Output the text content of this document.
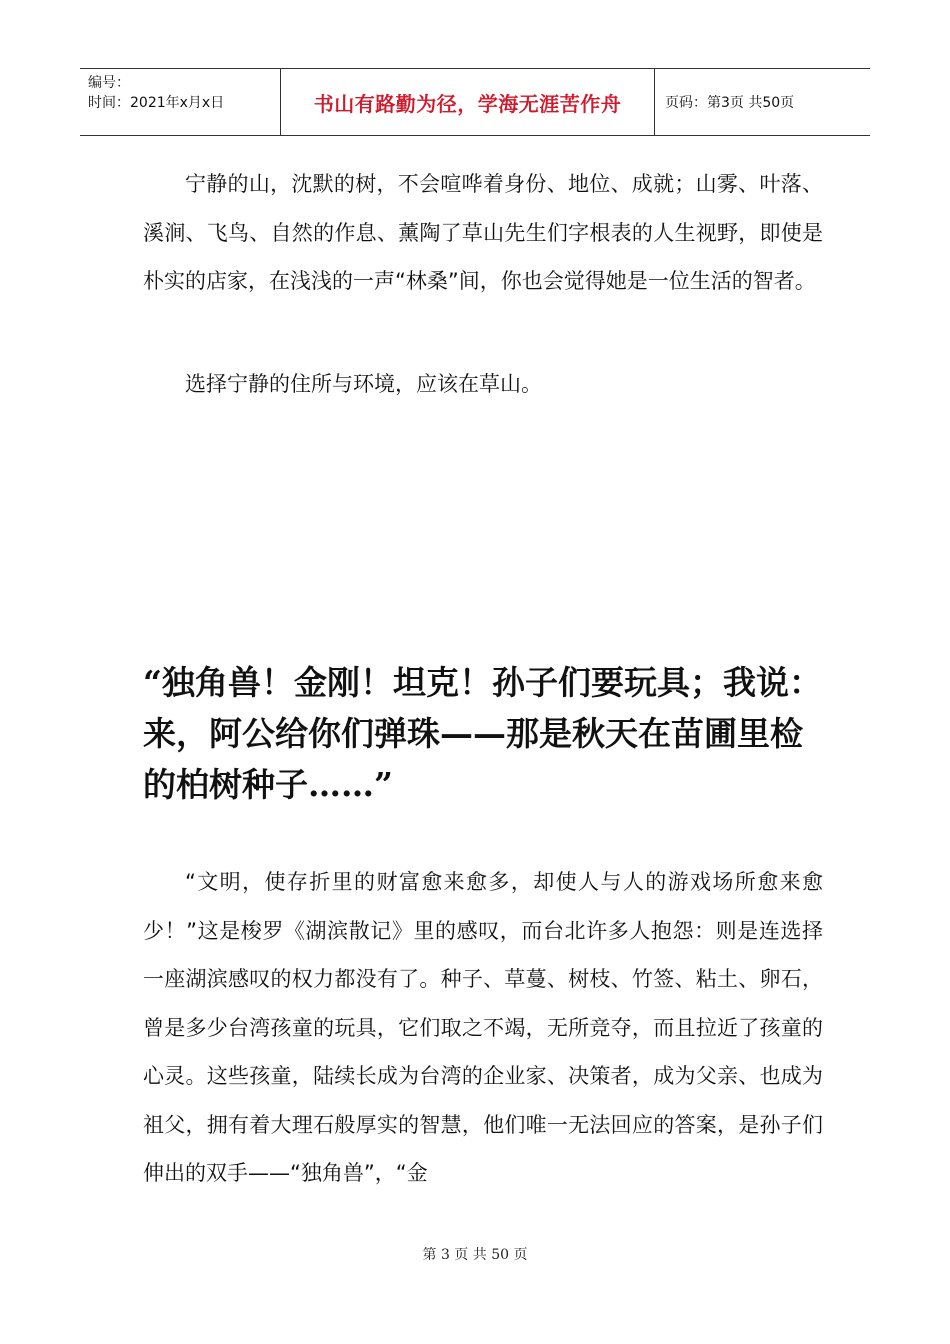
编号：
时间：2021年x月x日	书山有路勤为径，学海无涯苦作舟	页码：第3页 共50页

宁静的山，沈默的树，不会喧哗着身份、地位、成就；山雾、叶落、溪涧、飞鸟、自然的作息、薰陶了草山先生们字根表的人生视野，即使是朴实的店家，在浅浅的一声“林桑”间，你也会觉得她是一位生活的智者。

选择宁静的住所与环境，应该在草山。

“独角兽！金刚！坦克！孙子们要玩具；我说：来，阿公给你们弹珠——那是秋天在苗圃里检的柏树种子……”

“文明，使存折里的财富愈来愈多，却使人与人的游戏场所愈来愈少！”这是梭罗《湖滨散记》里的感叹，而台北许多人抱怨：则是连选择一座湖滨感叹的权力都没有了。种子、草蔓、树枝、竹签、粘土、卵石，曾是多少台湾孩童的玩具，它们取之不竭，无所竞夺，而且拉近了孩童的心灵。这些孩童，陆续长成为台湾的企业家、决策者，成为父亲、也成为祖父，拥有着大理石般厚实的智慧，他们唯一无法回应的答案，是孙子们伸出的双手——“独角兽”，“金

第 3 页 共 50 页
